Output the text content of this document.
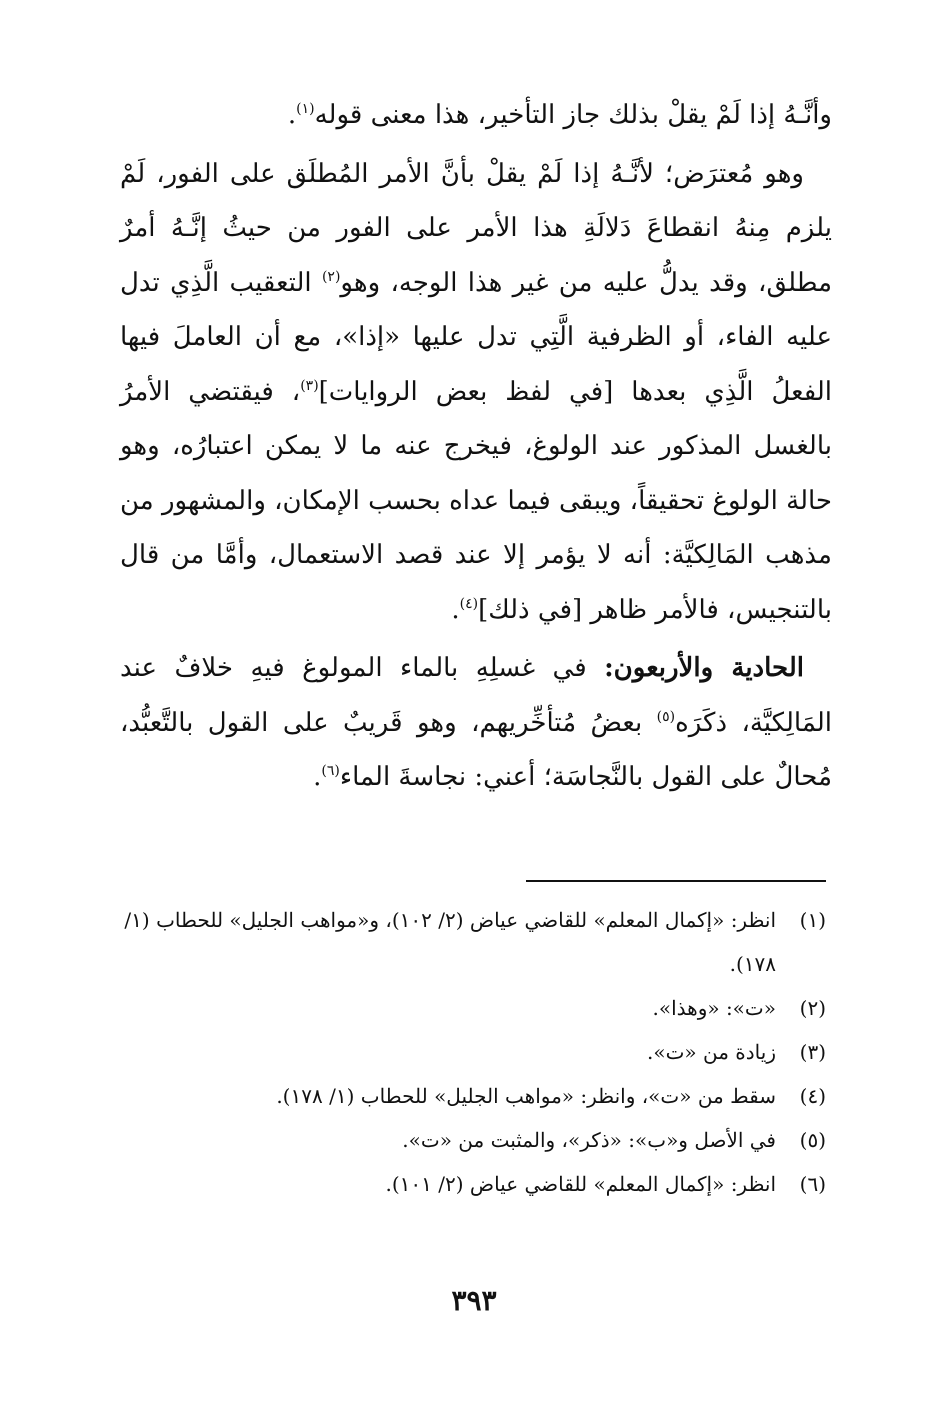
وأنَّـهُ إذا لَمْ يقلْ بذلك جاز التأخير، هذا معنى قوله$^{(١)}$.

وهو مُعترَض؛ لأنَّـهُ إذا لَمْ يقلْ بأنَّ الأمر المُطلَق على الفور، لَمْ يلزم مِنهُ انقطاعَ دَلالَةِ هذا الأمر على الفور من حيثُ إنَّـهُ أمرٌ مطلق، وقد يدلُّ عليه من غير هذا الوجه، وهو$^{(٢)}$ التعقيب الَّذِي تدل عليه الفاء، أو الظرفية الَّتِي تدل عليها «إذا»، مع أن العاملَ فيها الفعلُ الَّذِي بعدها [في لفظ بعض الروايات]$^{(٣)}$، فيقتضي الأمرُ بالغسل المذكور عند الولوغ، فيخرج عنه ما لا يمكن اعتبارُه، وهو حالة الولوغ تحقيقاً، ويبقى فيما عداه بحسب الإمكان، والمشهور من مذهب المَالِكيَّة: أنه لا يؤمر إلا عند قصد الاستعمال، وأمَّا من قال بالتنجيس، فالأمر ظاهر [في ذلك]$^{(٤)}$.

الحادية والأربعون: في غسلِهِ بالماء المولوغ فيهِ خلافٌ عند المَالِكيَّة، ذكَرَه$^{(٥)}$ بعضُ مُتأخِّريهم، وهو قَريبٌ على القول بالتَّعبُّد، مُحالٌ على القول بالنَّجاسَة؛ أعني: نجاسةَ الماء$^{(٦)}$.

(١)
انظر: «إكمال المعلم» للقاضي عياض (٢/ ١٠٢)، و«مواهب الجليل» للحطاب (١/ ١٧٨).
(٢)
«ت»: «وهذا».
(٣)
زيادة من «ت».
(٤)
سقط من «ت»، وانظر: «مواهب الجليل» للحطاب (١/ ١٧٨).
(٥)
في الأصل و«ب»: «ذكر»، والمثبت من «ت».
(٦)
انظر: «إكمال المعلم» للقاضي عياض (٢/ ١٠١).
٣٩٣
